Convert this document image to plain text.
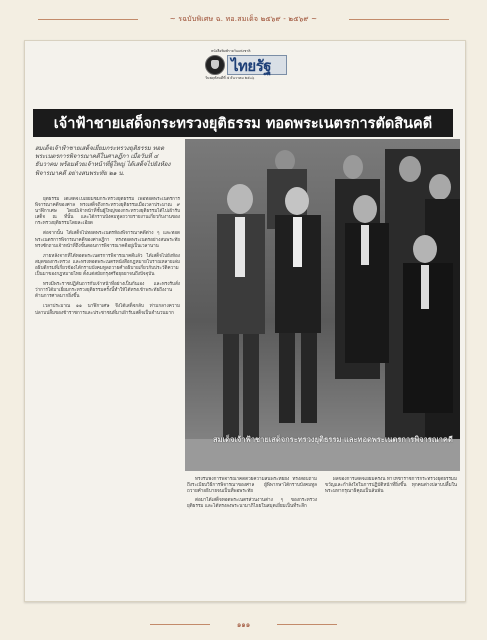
~ รฉบับพิเศษ ฉ. ทอ.สมเด็จ ๒๕๖๙ - ๒๕๖๙ ~
หนังสือพิมพ์รายวันแห่งชาติ
ไทยรัฐ
วันพฤหัสบดีที่ ๕ ธันวาคม ๒๕๐๖
เจ้าฟ้าชายเสด็จกระทรวงยุติธรรม ทอดพระเนตรการตัดสินคดี
สมเด็จเจ้าฟ้าชายเสด็จเยี่ยมกระทรวงยุติธรรม ทอดพระเนตรการพิจารณาคดีในศาลฎีกา เมื่อวันที่ ๔ ธันวาคม พร้อมด้วยเจ้าหน้าที่ผู้ใหญ่ ได้เสด็จไปยังห้องพิจารณาคดี อย่างสนพระทัย ๒๑ น.

ยุติธรรม ได้เสด็จไปเยี่ยมชมกระทรวงยุติธรรม เพื่อทอดพระเนตรการพิจารณาคดีของศาล ทรงเสด็จถึงกระทรวงยุติธรรมเมื่อเวลาประมาณ ๙ นาฬิกาเศษ โดยมีเจ้าหน้าที่ชั้นผู้ใหญ่ของกระทรวงยุติธรรมได้ไปเฝ้ารับเสด็จ ณ ที่นั้น และได้กราบบังคมทูลถวายรายงานเกี่ยวกับงานของกระทรวงยุติธรรมโดยละเอียด

ต่อจากนั้น ได้เสด็จไปทอดพระเนตรห้องพิจารณาคดีต่าง ๆ และทอดพระเนตรการพิจารณาคดีของศาลฎีกา ทรงทอดพระเนตรอย่างสนพระทัย ทรงซักถามเจ้าหน้าที่ถึงขั้นตอนการพิจารณาคดีอยู่เป็นเวลานาน

ภายหลังจากที่ได้ทอดพระเนตรการพิจารณาคดีแล้ว ได้เสด็จไปยังห้องสมุดของกระทรวง และทรงทอดพระเนตรหนังสือกฎหมายโบราณหลายเล่ม อธิบดีกรมที่เกี่ยวข้องได้กราบบังคมทูลถวายคำอธิบายเกี่ยวกับประวัติความเป็นมาของกฎหมายไทย ตั้งแต่สมัยกรุงศรีอยุธยาจนถึงปัจจุบัน

ทรงมีพระราชปฏิสันถารกับเจ้าหน้าที่อย่างเป็นกันเอง และทรงรับสั่งว่าการได้มาเยี่ยมกระทรวงยุติธรรมครั้งนี้ทำให้ได้ทรงเข้าพระทัยถึงงานด้านการศาลมากยิ่งขึ้น

เวลาประมาณ ๑๑ นาฬิกาเศษ จึงได้เสด็จกลับ ท่ามกลางความปลาบปลื้มของข้าราชการและประชาชนที่มาเฝ้ารับเสด็จเป็นจำนวนมาก

สมเด็จเจ้าฟ้าชายเสด็จกระทรวงยุติธรรม และทอดพระเนตรการพิจารณาคดี

ทรงรับฟังการพิจารณาคดีด้วยความสนพระทัยยิ่ง ทรงสอบถามถึงระเบียบวิธีการพิจารณาของศาล ผู้พิพากษาได้กราบบังคมทูลถวายคำอธิบายจนเป็นที่พอพระทัย

ต่อมาได้เสด็จทอดพระเนตรส่วนงานต่าง ๆ ของกระทรวงยุติธรรม และได้ทรงลงพระนามาภิไธยในสมุดเยี่ยมเป็นที่ระลึก

ผลของการเสด็จเยี่ยมครั้งนี้ ทำให้ข้าราชการกระทรวงยุติธรรมมีขวัญและกำลังใจในการปฏิบัติหน้าที่ยิ่งขึ้น ทุกคนต่างปลาบปลื้มในพระมหากรุณาธิคุณเป็นล้นพ้น

๑๑๑
